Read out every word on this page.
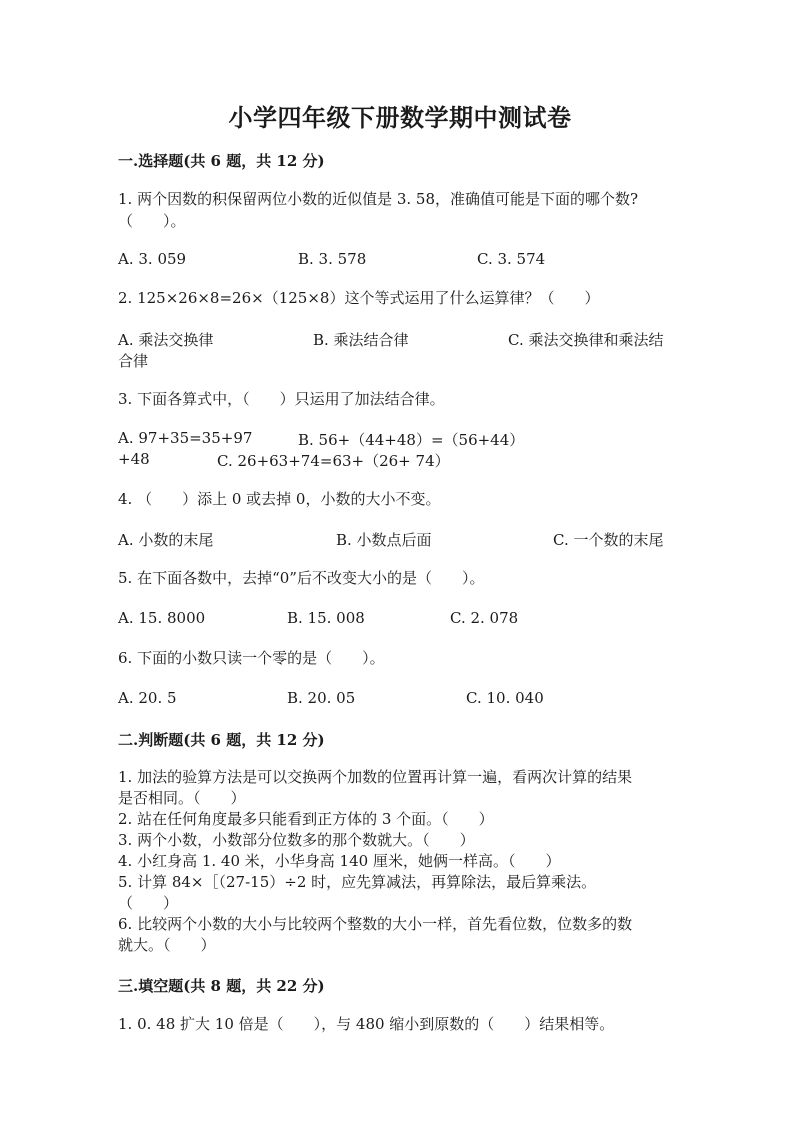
小学四年级下册数学期中测试卷
一.选择题(共 6 题，共 12 分)
1. 两个因数的积保留两位小数的近似值是 3. 58，准确值可能是下面的哪个数?
（　　）。
A. 3. 059	B. 3. 578	C. 3. 574
2. 125×26×8=26×（125×8）这个等式运用了什么运算律？（　　）
A. 乘法交换律	B. 乘法结合律	C. 乘法交换律和乘法结
合律
3. 下面各算式中，（　　）只运用了加法结合律。
A. 97+35=35+97	B. 56+（44+48）=（56+44）
+48	C. 26+63+74=63+（26+ 74）
4. （　　）添上 0 或去掉 0，小数的大小不变。
A. 小数的末尾	B. 小数点后面	C. 一个数的末尾
5. 在下面各数中，去掉“0”后不改变大小的是（　　）。
A. 15. 8000	B. 15. 008	C. 2. 078
6. 下面的小数只读一个零的是（　　）。
A. 20. 5	B. 20. 05	C. 10. 040
二.判断题(共 6 题，共 12 分)
1. 加法的验算方法是可以交换两个加数的位置再计算一遍，看两次计算的结果
是否相同。（　　）
2. 站在任何角度最多只能看到正方体的 3 个面。（　　）
3. 两个小数，小数部分位数多的那个数就大。（　　）
4. 小红身高 1. 40 米，小华身高 140 厘米，她俩一样高。（　　）
5. 计算 84×［（27-15）÷2 时，应先算减法，再算除法，最后算乘法。
（　　）
6. 比较两个小数的大小与比较两个整数的大小一样，首先看位数，位数多的数
就大。（　　）
三.填空题(共 8 题，共 22 分)
1. 0. 48 扩大 10 倍是（　　），与 480 缩小到原数的（　　）结果相等。
